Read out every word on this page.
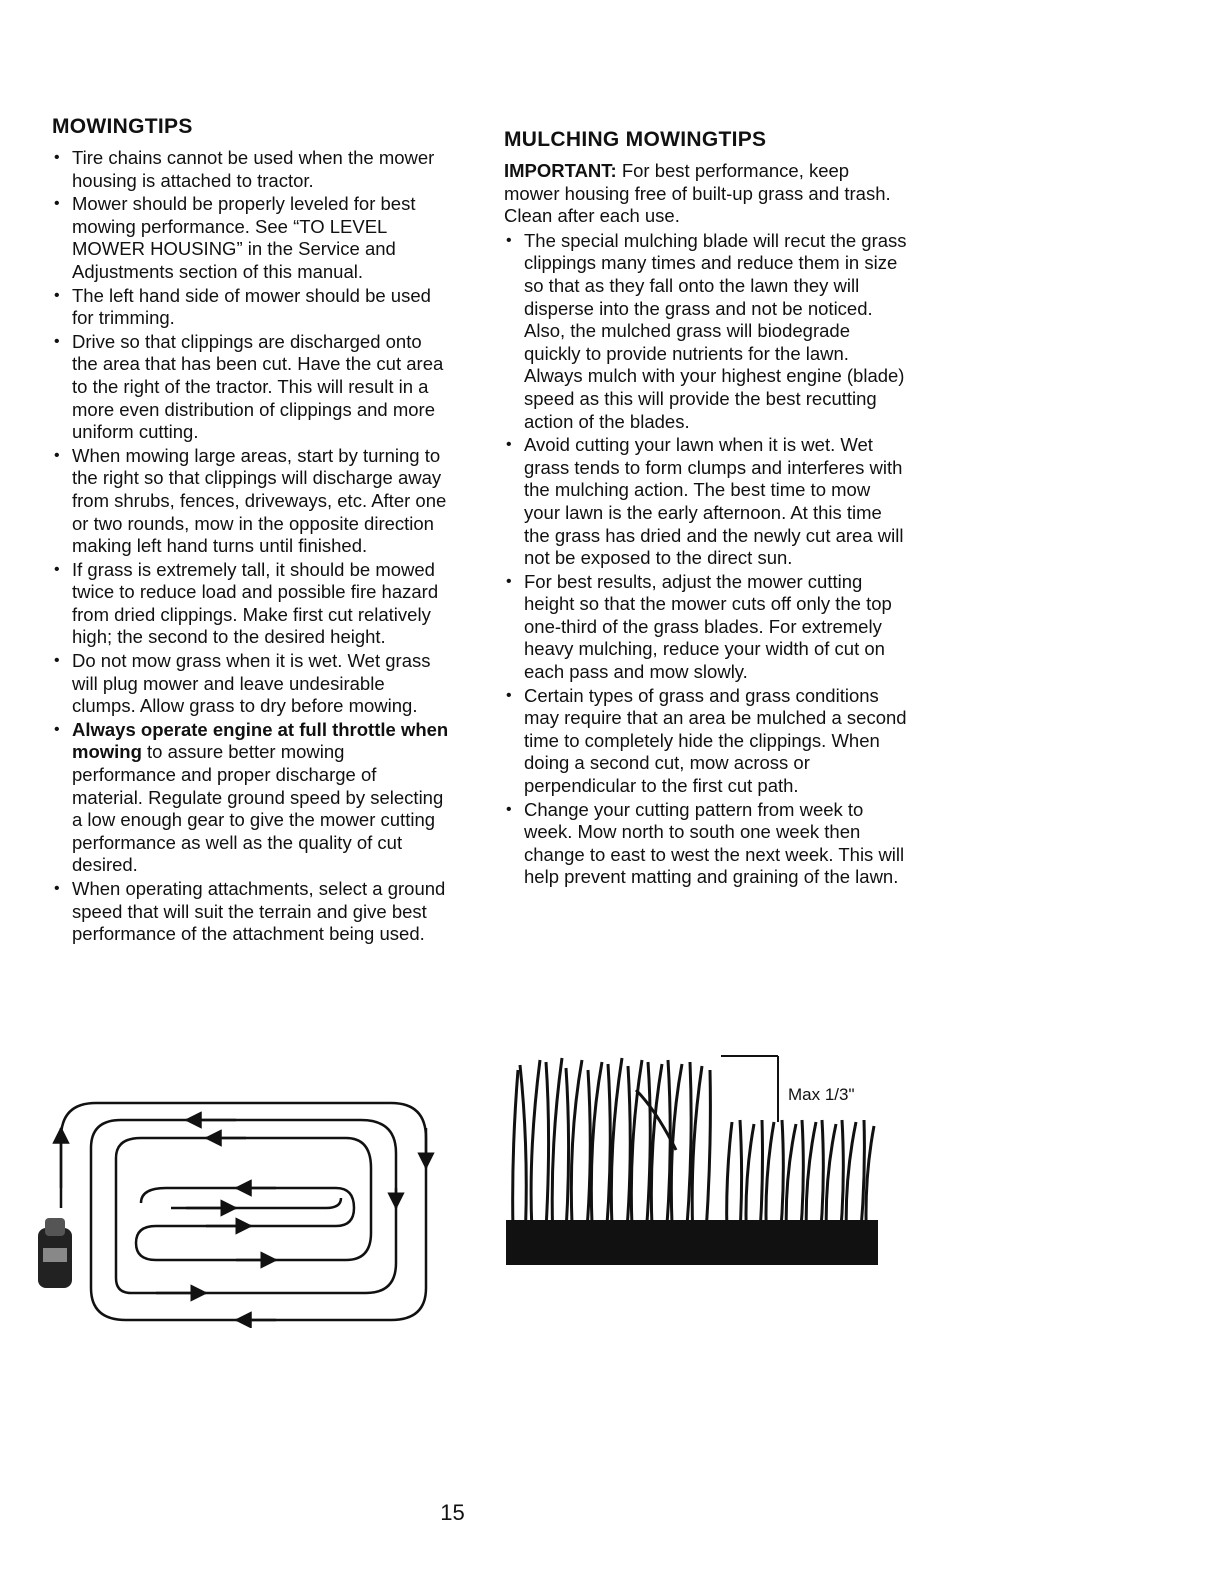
MOWINGTIPS
• Tire chains cannot be used when the mower housing is attached to tractor.
• Mower should be properly leveled for best mowing performance. See “TO LEVEL MOWER HOUSING” in the Service and Adjustments section of this manual.
• The left hand side of mower should be used for trimming.
• Drive so that clippings are discharged onto the area that has been cut. Have the cut area to the right of the tractor. This will result in a more even distribution of clippings and more uniform cutting.
• When mowing large areas, start by turning to the right so that clippings will discharge away from shrubs, fences, driveways, etc. After one or two rounds, mow in the opposite direction making left hand turns until finished.
• If grass is extremely tall, it should be mowed twice to reduce load and possible fire hazard from dried clippings. Make first cut relatively high; the second to the desired height.
• Do not mow grass when it is wet. Wet grass will plug mower and leave undesirable clumps. Allow grass to dry before mowing.
• Always operate engine at full throttle when mowing to assure better mowing performance and proper discharge of material. Regulate ground speed by selecting a low enough gear to give the mower cutting performance as well as the quality of cut desired.
• When operating attachments, select a ground speed that will suit the terrain and give best performance of the attachment being used.
MULCHING MOWINGTIPS

IMPORTANT: For best performance, keep mower housing free of built-up grass and trash. Clean after each use.

• The special mulching blade will recut the grass clippings many times and reduce them in size so that as they fall onto the lawn they will disperse into the grass and not be noticed. Also, the mulched grass will biodegrade quickly to provide nutrients for the lawn. Always mulch with your highest engine (blade) speed as this will provide the best recutting action of the blades.
• Avoid cutting your lawn when it is wet. Wet grass tends to form clumps and interferes with the mulching action. The best time to mow your lawn is the early afternoon. At this time the grass has dried and the newly cut area will not be exposed to the direct sun.
• For best results, adjust the mower cutting height so that the mower cuts off only the top one-third of the grass blades. For extremely heavy mulching, reduce your width of cut on each pass and mow slowly.
• Certain types of grass and grass conditions may require that an area be mulched a second time to completely hide the clippings. When doing a second cut, mow across or perpendicular to the first cut path.
• Change your cutting pattern from week to week. Mow north to south one week then change to east to west the next week. This will help prevent matting and graining of the lawn.
Max 1/3"
15
